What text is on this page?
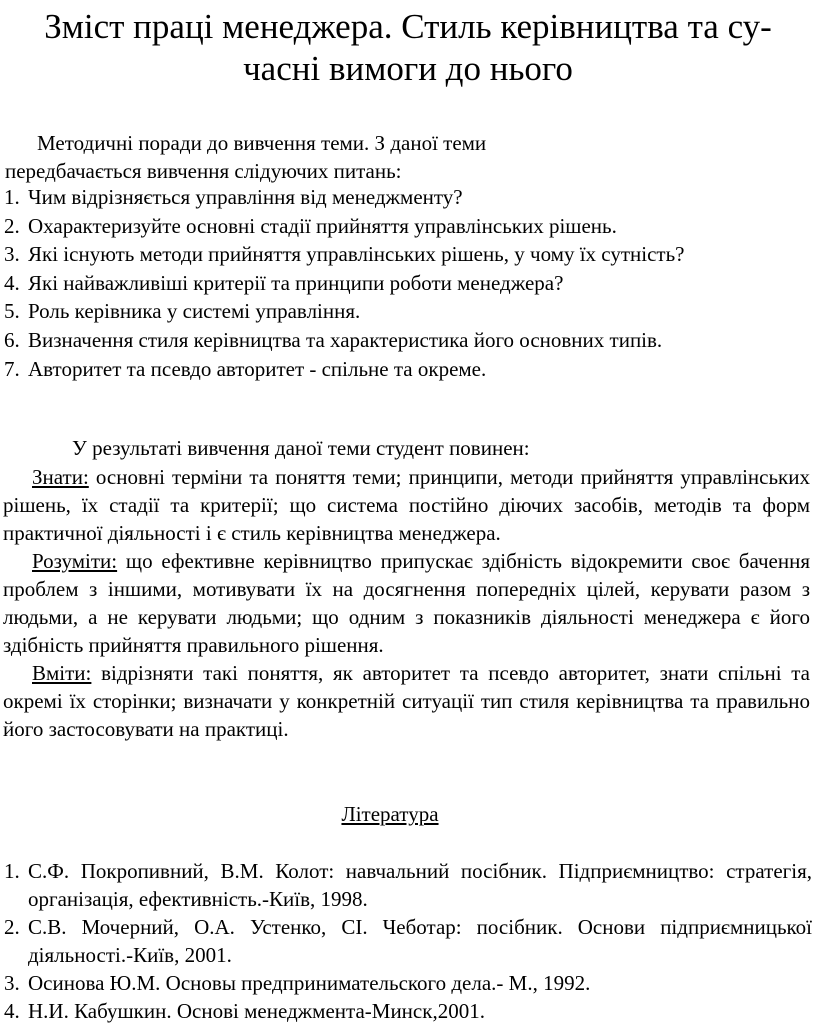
Зміст праці менеджера. Стиль керівництва та су-
часні вимоги до нього
Методичні поради до вивчення теми. З даної теми
передбачається вивчення слідуючих питань:
1. Чим відрізняється управління від менеджменту?
2. Охарактеризуйте основні стадії прийняття управлінських рішень.
3. Які існують методи прийняття управлінських рішень, у чому їх сутність?
4. Які найважливіші критерії та принципи роботи менеджера?
5. Роль керівника у системі управління.
6. Визначення стиля керівництва та характеристика його основних типів.
7. Авторитет та псевдо авторитет - спільне та окреме.
У результаті вивчення даної теми студент повинен:

Знати: основні терміни та поняття теми; принципи, методи прийняття управлінських рішень, їх стадії та критерії; що система постійно діючих засобів, методів та форм практичної діяльності і є стиль керівництва менеджера.

Розуміти: що ефективне керівництво припускає здібність відокремити своє бачення проблем з іншими, мотивувати їх на досягнення попередніх цілей, керувати разом з людьми, а не керувати людьми; що одним з показників діяльності менеджера є його здібність прийняття правильного рішення.

Вміти: відрізняти такі поняття, як авторитет та псевдо авторитет, знати спільні та окремі їх сторінки; визначати у конкретній ситуації тип стиля керівництва та правильно його застосовувати на практиці.

Література
1. С.Ф. Покропивний, В.М. Колот: навчальний посібник. Підприємництво: стратегія, організація, ефективність.-Київ, 1998.
2. С.В. Мочерний, О.А. Устенко, СІ. Чеботар: посібник. Основи підприємницької діяльності.-Київ, 2001.
3. Осинова Ю.М. Основы предпринимательского дела.- М., 1992.
4. Н.И. Кабушкин. Основі менеджмента-Минск,2001.
